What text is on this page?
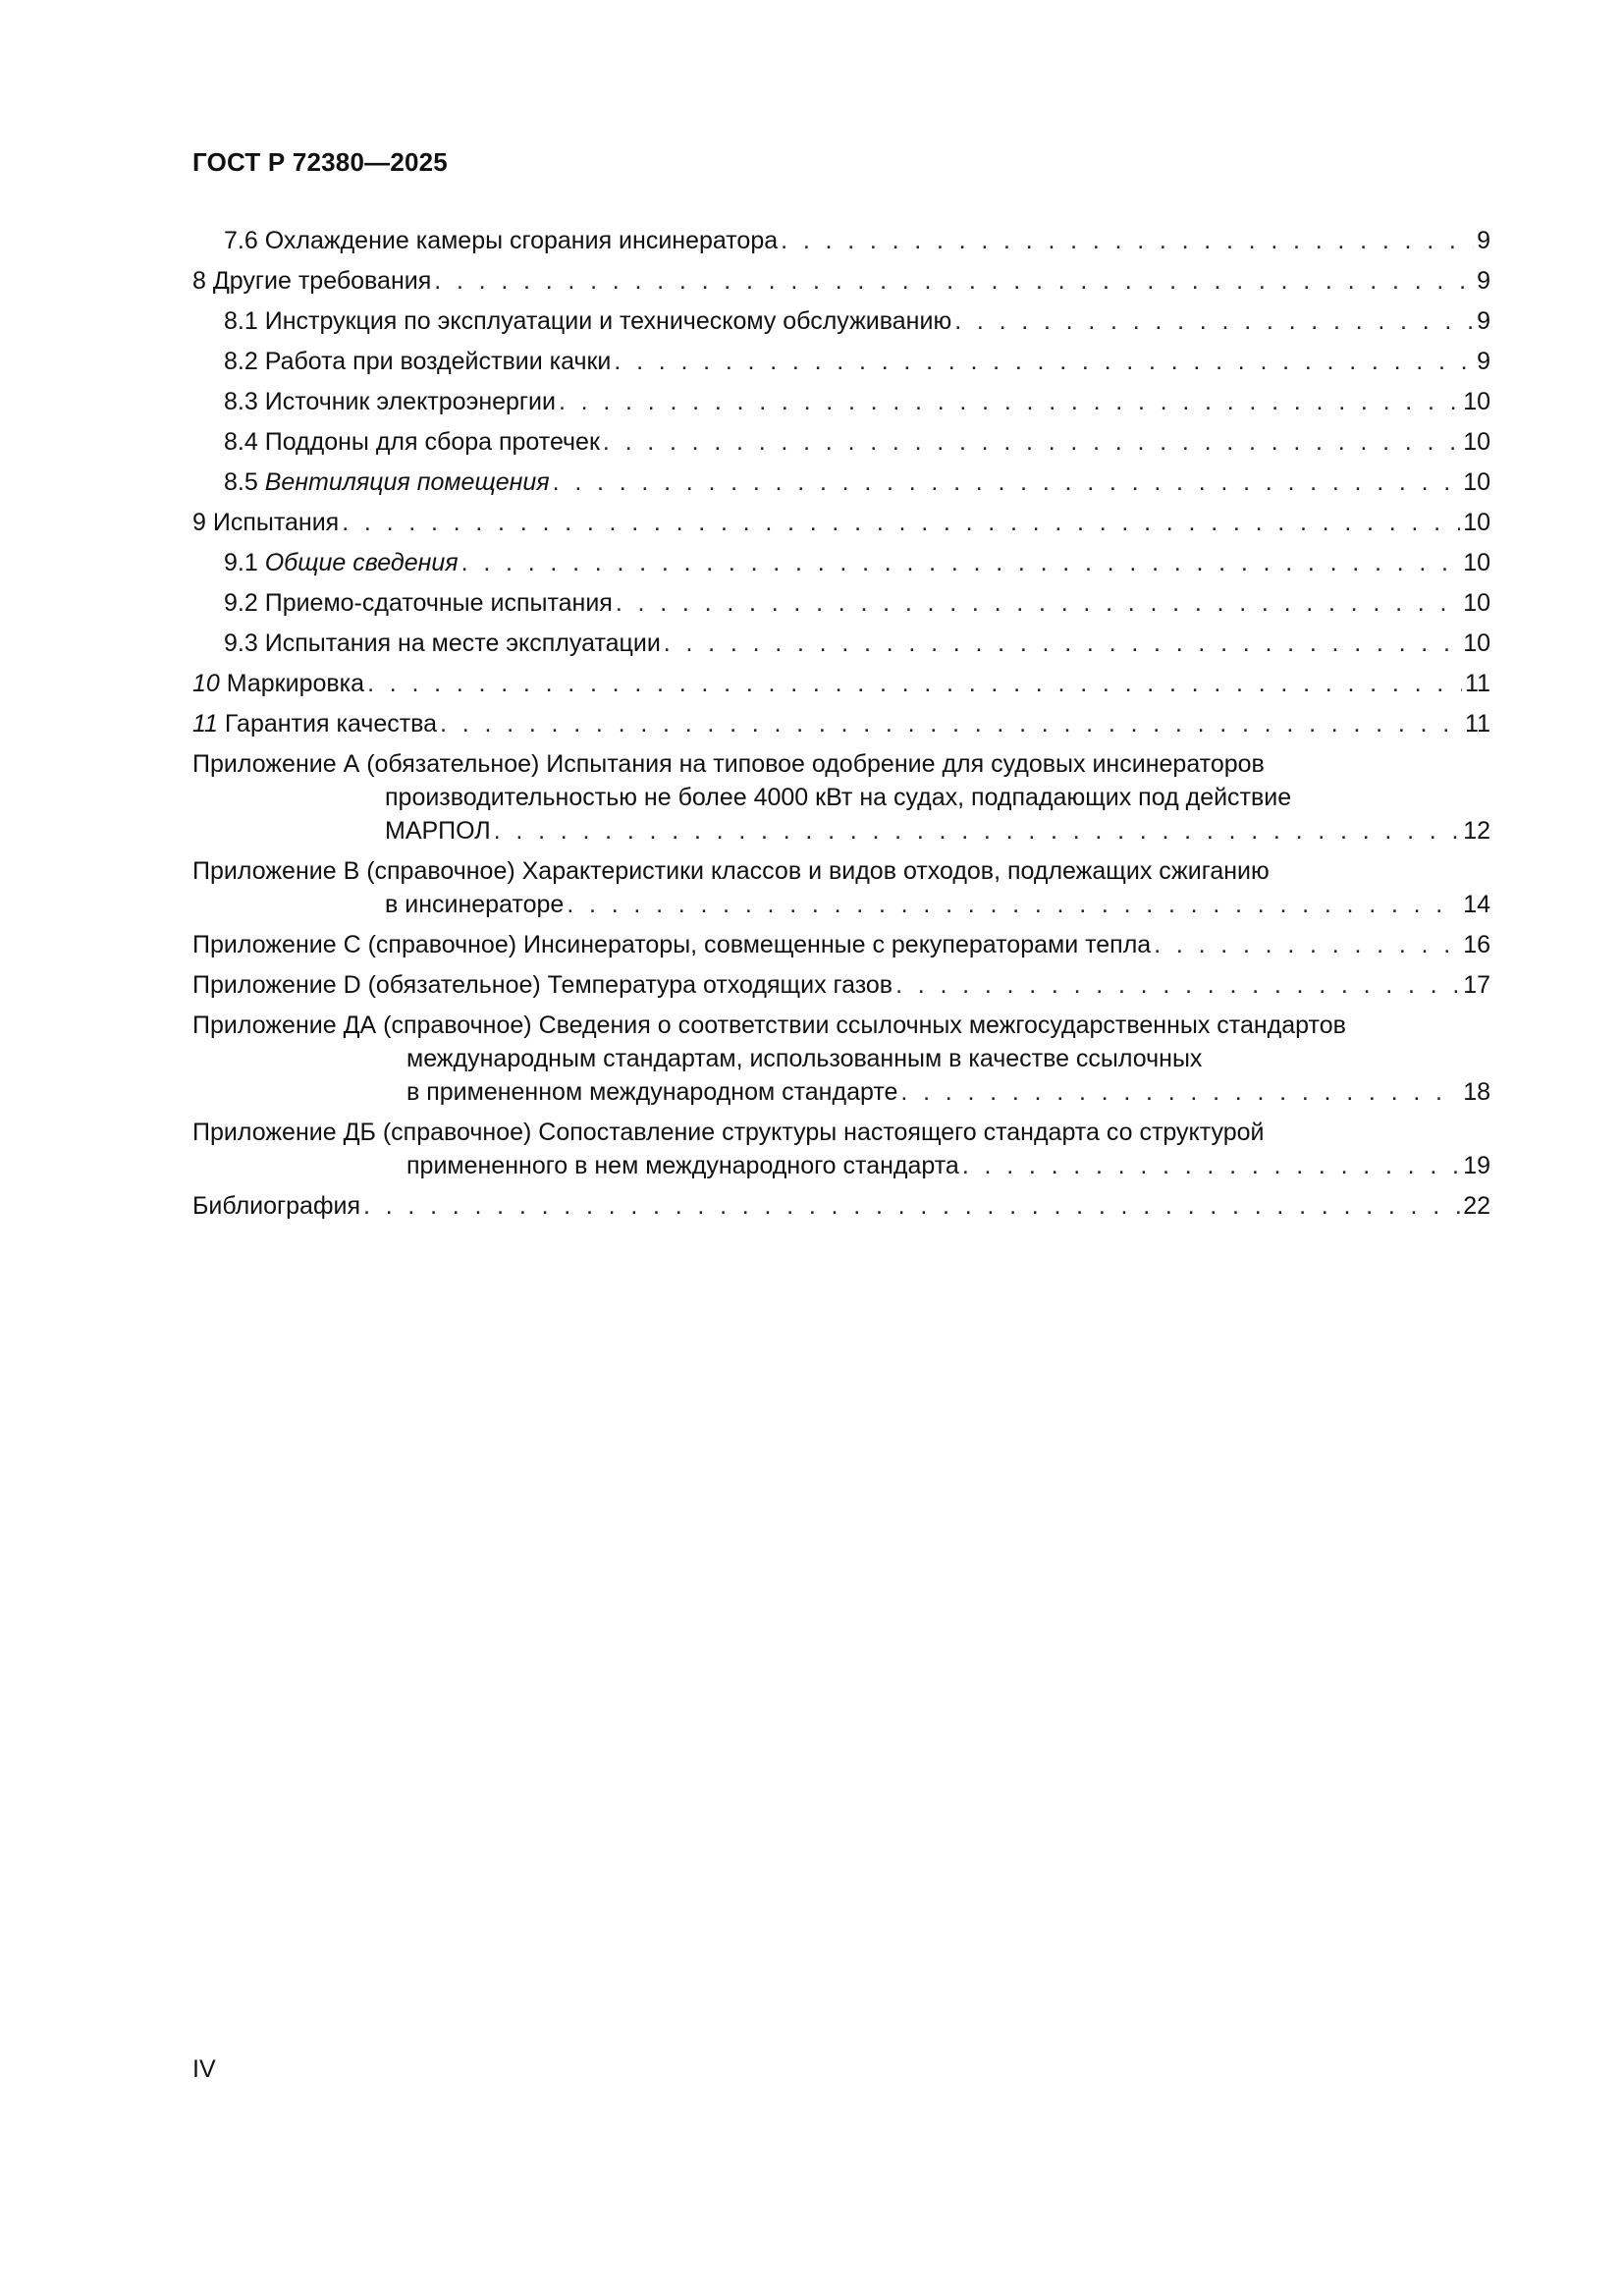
ГОСТ Р 72380—2025
7.6 Охлаждение камеры сгорания инсинератора . . .	9
8 Другие требования . . .	9
8.1 Инструкция по эксплуатации и техническому обслуживанию . . .	9
8.2 Работа при воздействии качки . . .	9
8.3 Источник электроэнергии . . .	10
8.4 Поддоны для сбора протечек . . .	10
8.5 Вентиляция помещения . . .	10
9 Испытания . . .	10
9.1 Общие сведения . . .	10
9.2 Приемо-сдаточные испытания . . .	10
9.3 Испытания на месте эксплуатации . . .	10
10 Маркировка . . .	11
11 Гарантия качества . . .	11
Приложение А (обязательное) Испытания на типовое одобрение для судовых инсинераторов
производительностью не более 4000 кВт на судах, подпадающих под действие
МАРПОЛ . . .	12
Приложение В (справочное) Характеристики классов и видов отходов, подлежащих сжиганию
в инсинераторе . . .	14
Приложение С (справочное) Инсинераторы, совмещенные с рекуператорами тепла . . .	16
Приложение D (обязательное) Температура отходящих газов . . .	17
Приложение ДА (справочное) Сведения о соответствии ссылочных межгосударственных стандартов
международным стандартам, использованным в качестве ссылочных
в примененном международном стандарте . . .	18
Приложение ДБ (справочное) Сопоставление структуры настоящего стандарта со структурой
примененного в нем международного стандарта . . .	19
Библиография . . .	22
IV
